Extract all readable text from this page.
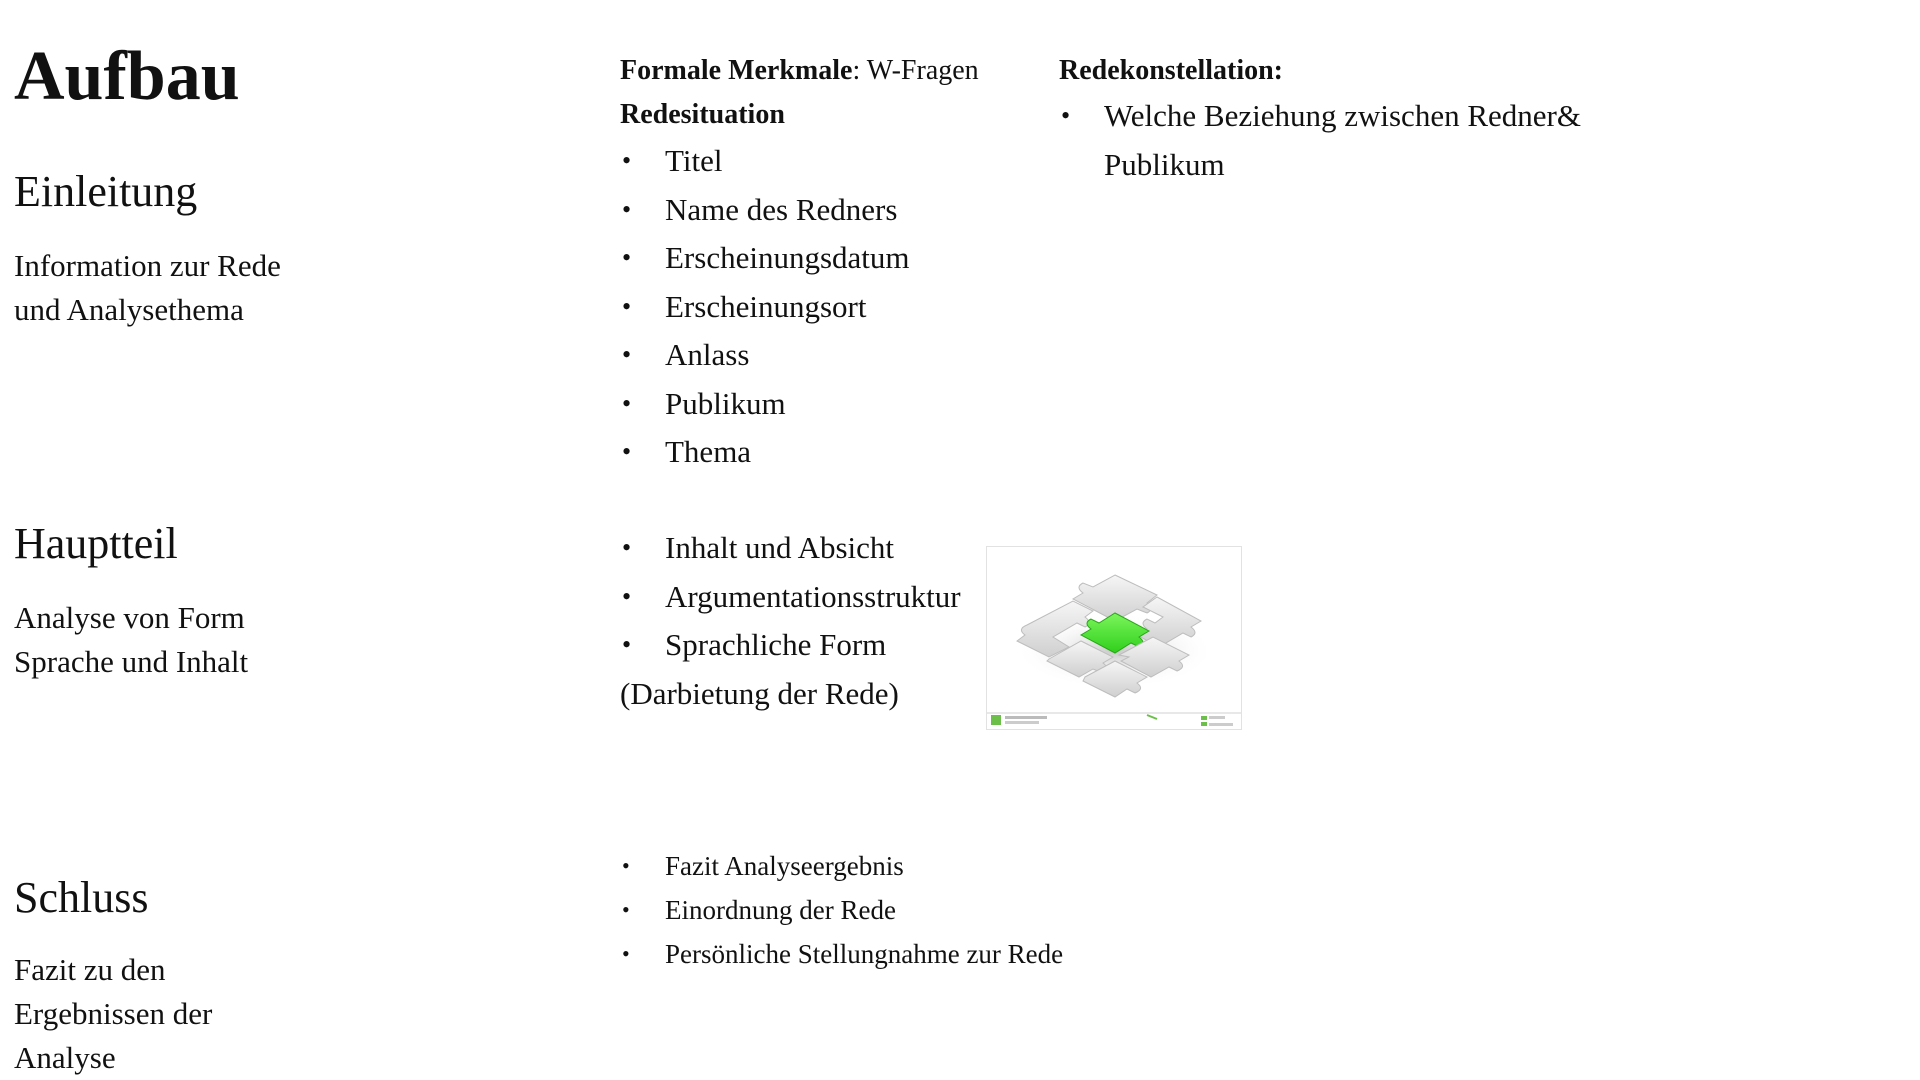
Aufbau
Einleitung
Information zur Rede
und Analysethema
Hauptteil
Analyse von Form
Sprache und Inhalt
Schluss
Fazit zu den
Ergebnissen der
Analyse
Formale Merkmale: W-Fragen
Redesituation
• Titel
• Name des Redners
• Erscheinungsdatum
• Erscheinungsort
• Anlass
• Publikum
• Thema
Redekonstellation:
• Welche Beziehung zwischen Redner&
Publikum
• Inhalt und Absicht
• Argumentationsstruktur
• Sprachliche Form
(Darbietung der Rede)
• Fazit Analyseergebnis
• Einordnung der Rede
• Persönliche Stellungnahme zur Rede
